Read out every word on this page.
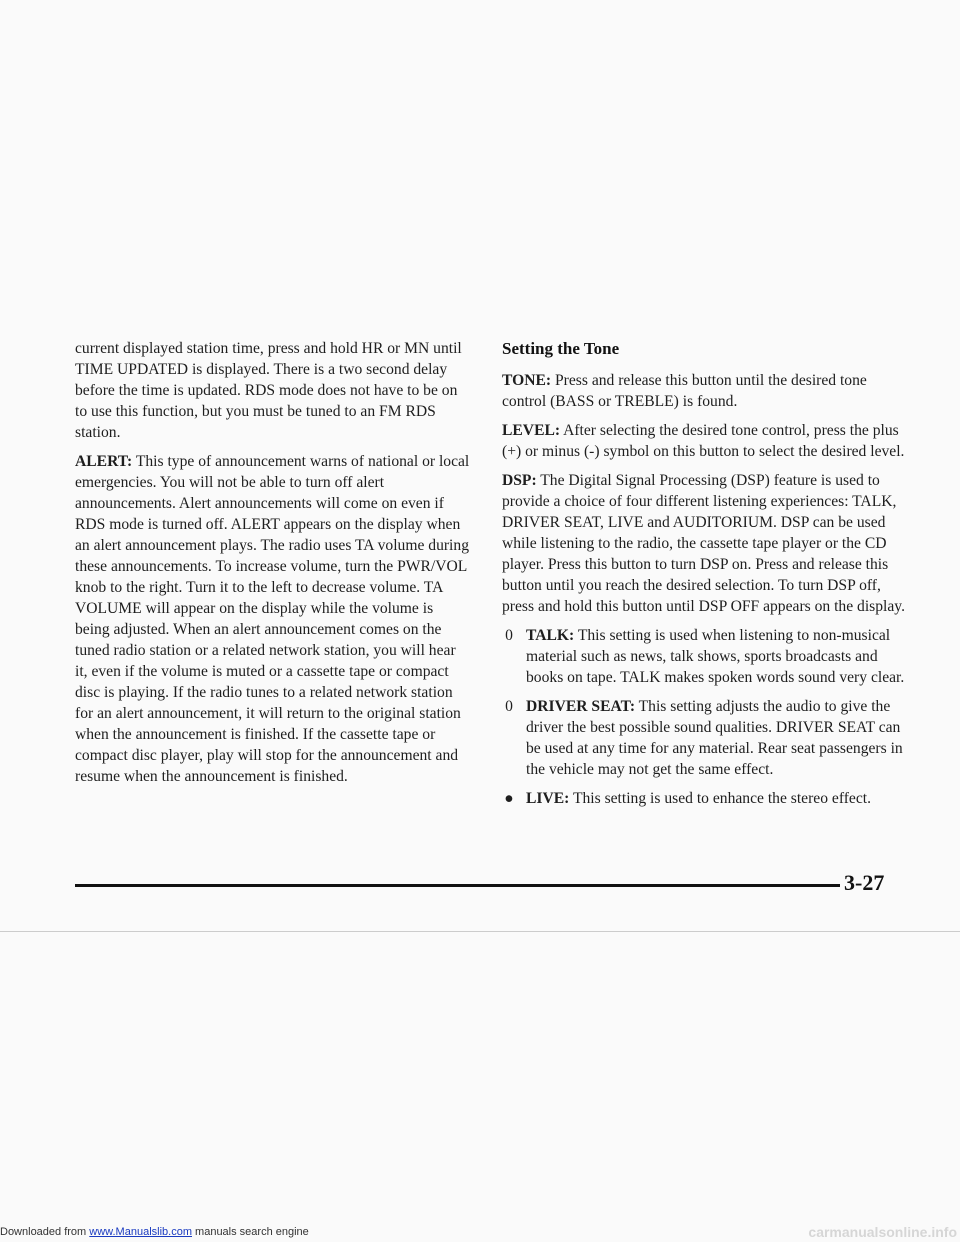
current displayed station time, press and hold HR or MN until TIME UPDATED is displayed. There is a two second delay before the time is updated. RDS mode does not have to be on to use this function, but you must be tuned to an FM RDS station.

ALERT: This type of announcement warns of national or local emergencies. You will not be able to turn off alert announcements. Alert announcements will come on even if RDS mode is turned off. ALERT appears on the display when an alert announcement plays. The radio uses TA volume during these announcements. To increase volume, turn the PWR/VOL knob to the right. Turn it to the left to decrease volume. TA VOLUME will appear on the display while the volume is being adjusted. When an alert announcement comes on the tuned radio station or a related network station, you will hear it, even if the volume is muted or a cassette tape or compact disc is playing. If the radio tunes to a related network station for an alert announcement, it will return to the original station when the announcement is finished. If the cassette tape or compact disc player, play will stop for the announcement and resume when the announcement is finished.

Setting the Tone

TONE: Press and release this button until the desired tone control (BASS or TREBLE) is found.

LEVEL: After selecting the desired tone control, press the plus (+) or minus (-) symbol on this button to select the desired level.

DSP: The Digital Signal Processing (DSP) feature is used to provide a choice of four different listening experiences: TALK, DRIVER SEAT, LIVE and AUDITORIUM. DSP can be used while listening to the radio, the cassette tape player or the CD player. Press this button to turn DSP on. Press and release this button until you reach the desired selection. To turn DSP off, press and hold this button until DSP OFF appears on the display.

0 TALK: This setting is used when listening to non-musical material such as news, talk shows, sports broadcasts and books on tape. TALK makes spoken words sound very clear.
0 DRIVER SEAT: This setting adjusts the audio to give the driver the best possible sound qualities. DRIVER SEAT can be used at any time for any material. Rear seat passengers in the vehicle may not get the same effect.
● LIVE: This setting is used to enhance the stereo effect.
3-27
Downloaded from www.Manualslib.com manuals search engine	carmanualsonline.info
